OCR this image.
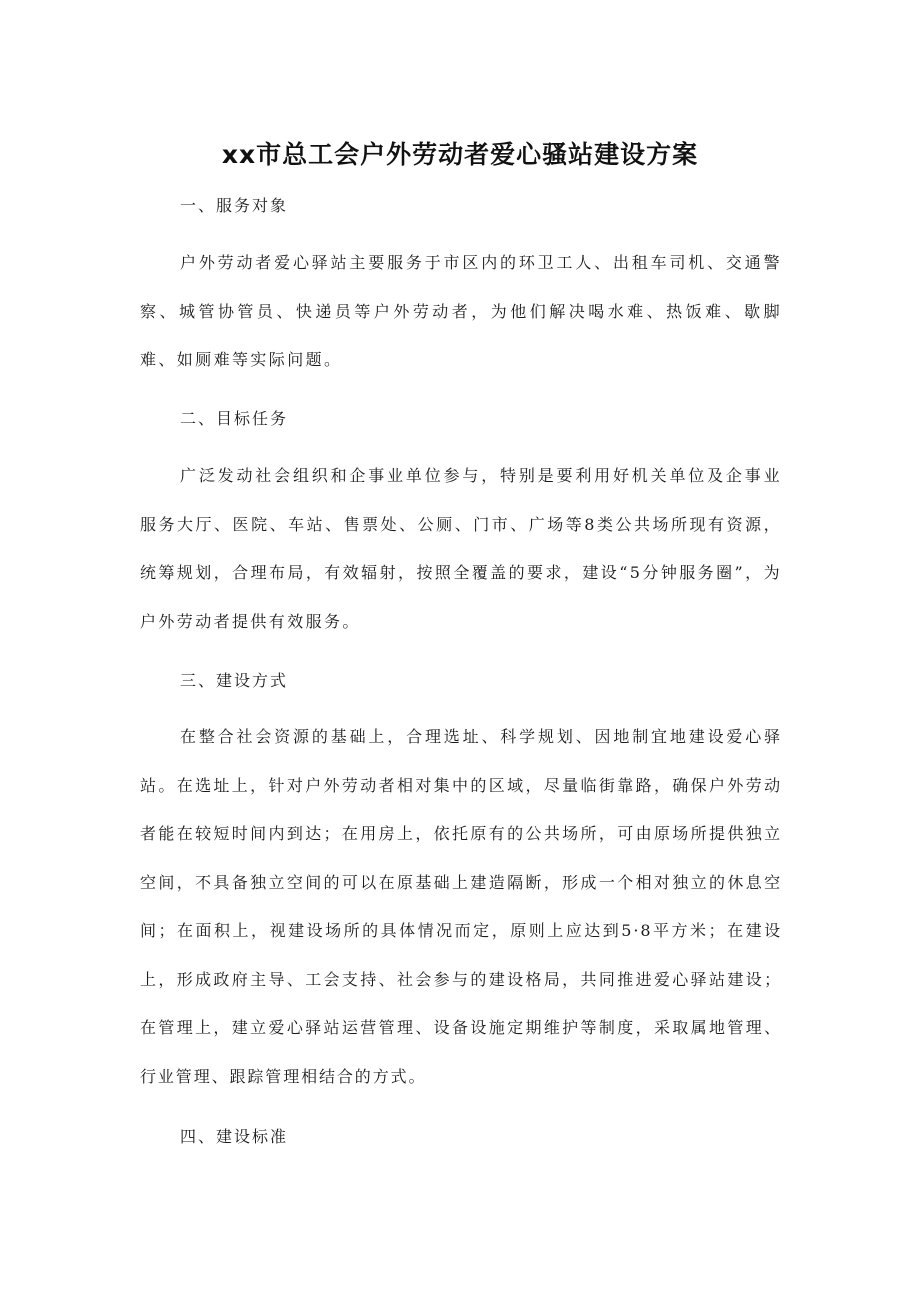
xx市总工会户外劳动者爱心骚站建设方案
一、服务对象

户外劳动者爱心驿站主要服务于市区内的环卫工人、出租车司机、交通警察、城管协管员、快递员等户外劳动者，为他们解决喝水难、热饭难、歇脚难、如厕难等实际问题。

二、目标任务

广泛发动社会组织和企事业单位参与，特别是要利用好机关单位及企事业服务大厅、医院、车站、售票处、公厕、门市、广场等8类公共场所现有资源，统筹规划，合理布局，有效辐射，按照全覆盖的要求，建设“5分钟服务圈”，为户外劳动者提供有效服务。

三、建设方式

在整合社会资源的基础上，合理选址、科学规划、因地制宜地建设爱心驿站。在选址上，针对户外劳动者相对集中的区域，尽量临街靠路，确保户外劳动者能在较短时间内到达；在用房上，依托原有的公共场所，可由原场所提供独立空间，不具备独立空间的可以在原基础上建造隔断，形成一个相对独立的休息空间；在面积上，视建设场所的具体情况而定，原则上应达到5·8平方米；在建设上，形成政府主导、工会支持、社会参与的建设格局，共同推进爱心驿站建设；在管理上，建立爱心驿站运营管理、设备设施定期维护等制度，采取属地管理、行业管理、跟踪管理相结合的方式。

四、建设标准
